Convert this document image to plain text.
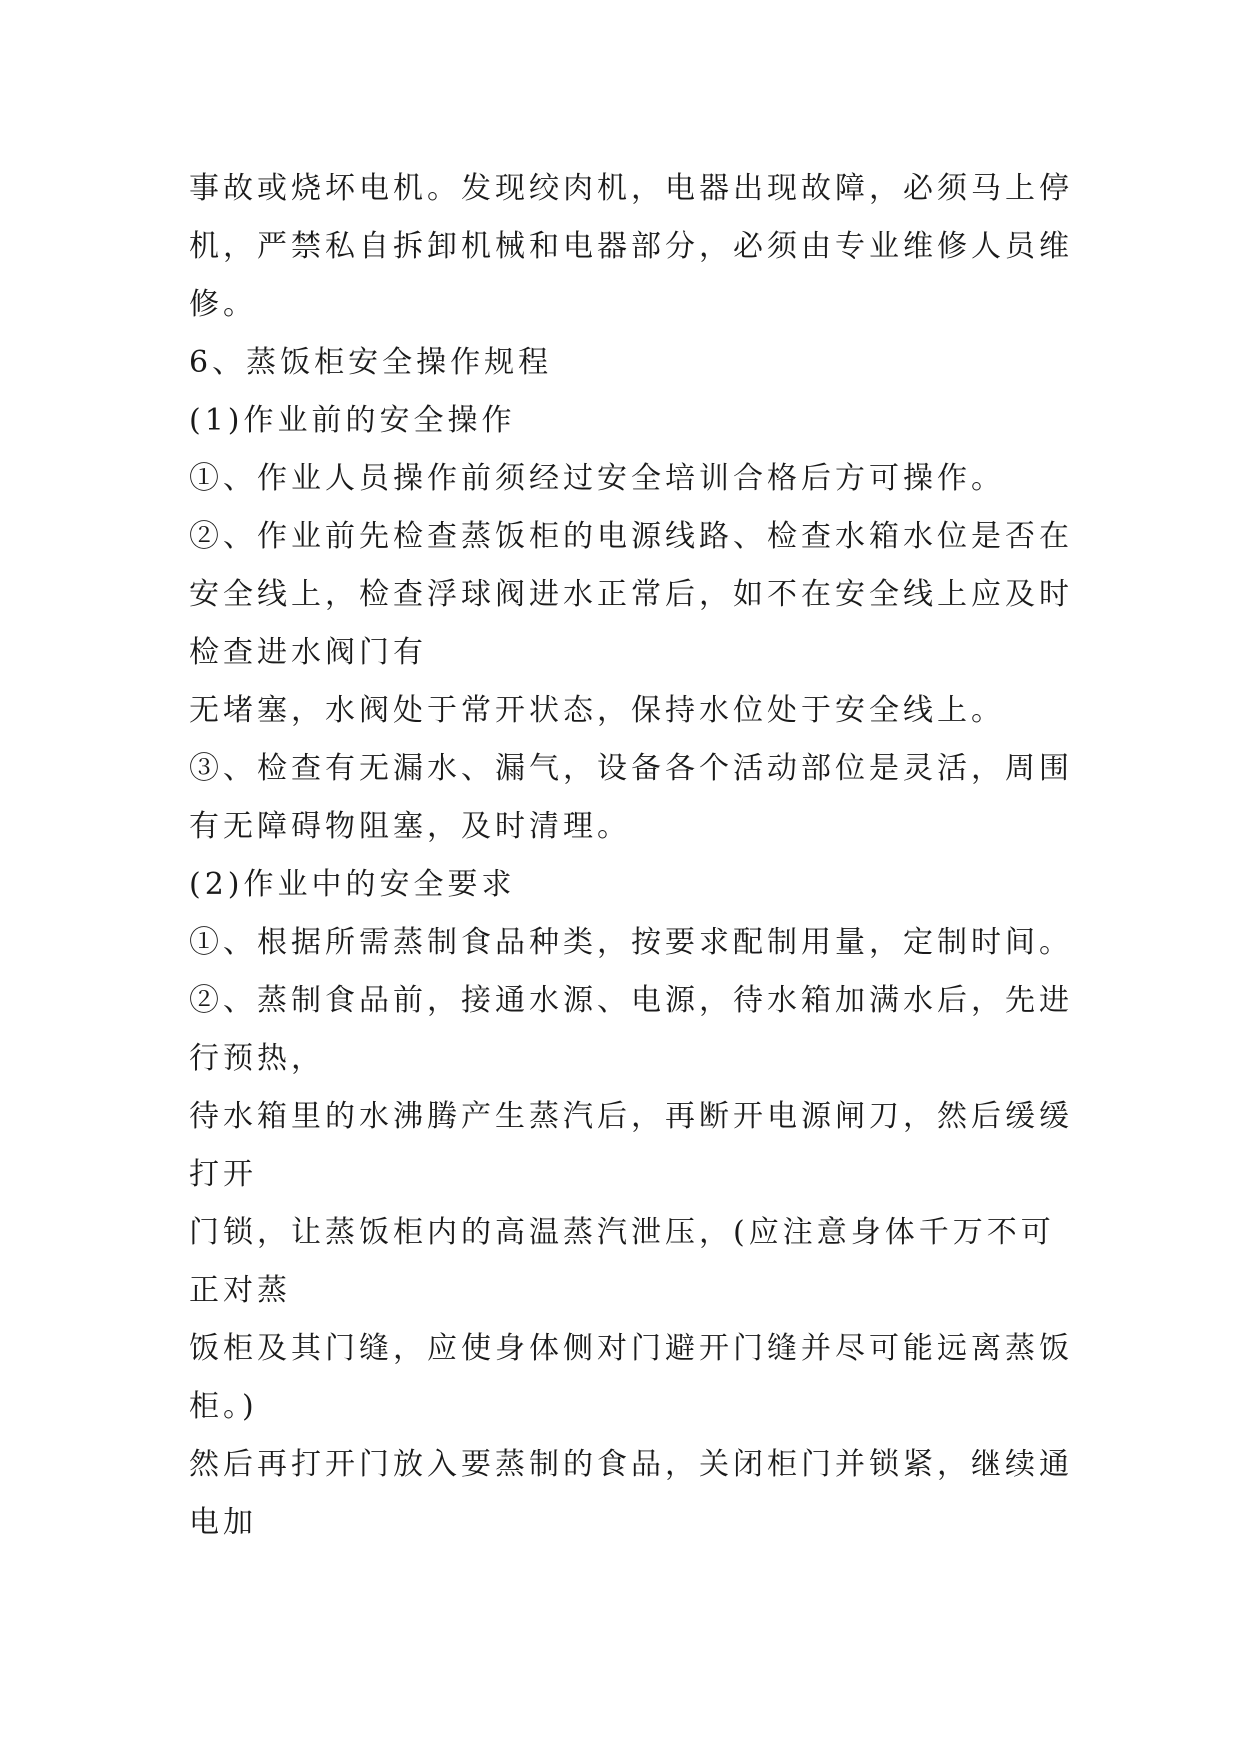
事故或烧坏电机。发现绞肉机，电器出现故障，必须马上停
机，严禁私自拆卸机械和电器部分，必须由专业维修人员维
修。
6、蒸饭柜安全操作规程
(1)作业前的安全操作
①、作业人员操作前须经过安全培训合格后方可操作。
②、作业前先检查蒸饭柜的电源线路、检查水箱水位是否在
安全线上，检查浮球阀进水正常后，如不在安全线上应及时
检查进水阀门有
无堵塞，水阀处于常开状态，保持水位处于安全线上。
③、检查有无漏水、漏气，设备各个活动部位是灵活，周围
有无障碍物阻塞，及时清理。
(2)作业中的安全要求
①、根据所需蒸制食品种类，按要求配制用量，定制时间。
②、蒸制食品前，接通水源、电源，待水箱加满水后，先进
行预热，
待水箱里的水沸腾产生蒸汽后，再断开电源闸刀，然后缓缓
打开
门锁，让蒸饭柜内的高温蒸汽泄压，(应注意身体千万不可
正对蒸
饭柜及其门缝，应使身体侧对门避开门缝并尽可能远离蒸饭
柜。)
然后再打开门放入要蒸制的食品，关闭柜门并锁紧，继续通
电加
